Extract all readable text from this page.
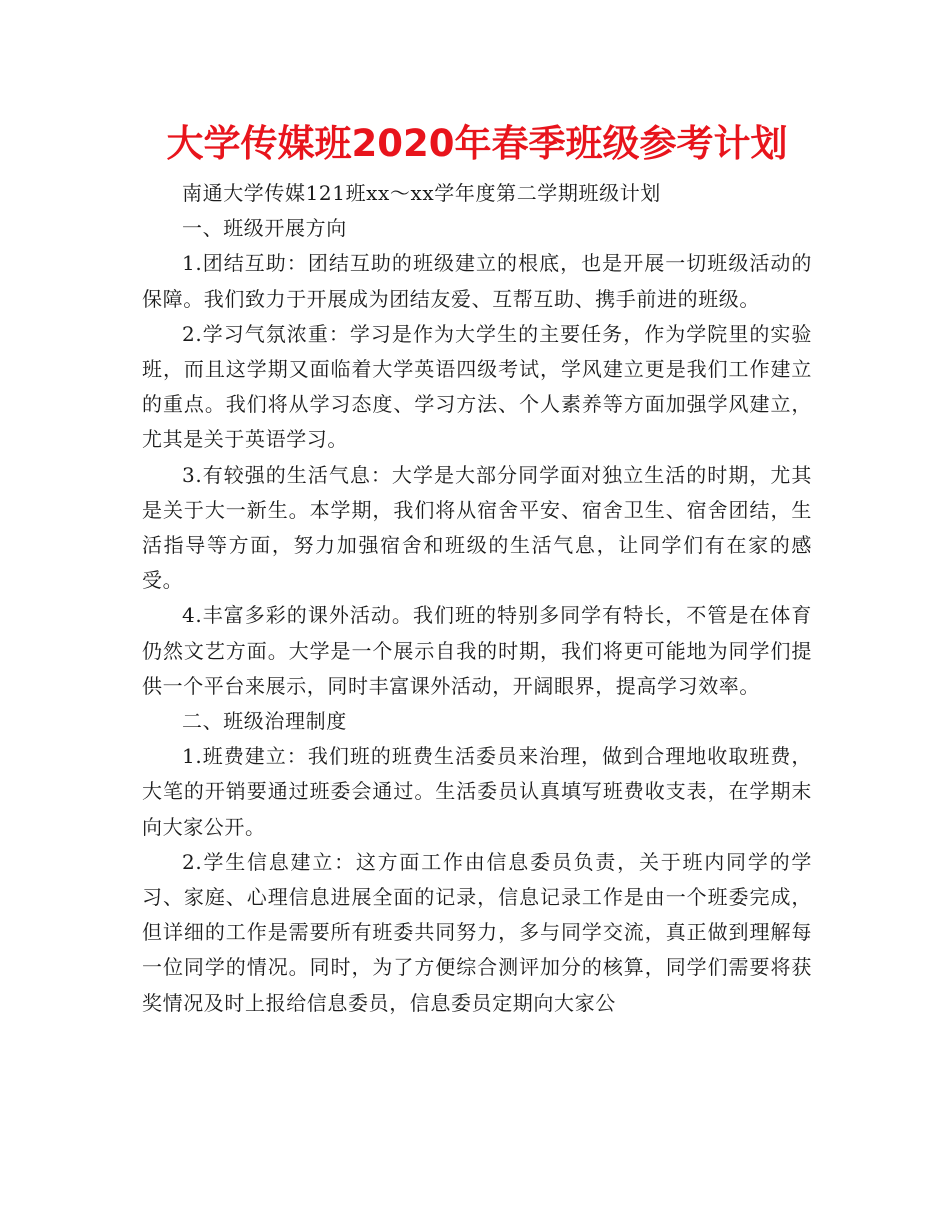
大学传媒班2020年春季班级参考计划

南通大学传媒121班xx～xx学年度第二学期班级计划

一、班级开展方向

1.团结互助：团结互助的班级建立的根底，也是开展一切班级活动的保障。我们致力于开展成为团结友爱、互帮互助、携手前进的班级。

2.学习气氛浓重：学习是作为大学生的主要任务，作为学院里的实验班，而且这学期又面临着大学英语四级考试，学风建立更是我们工作建立的重点。我们将从学习态度、学习方法、个人素养等方面加强学风建立，尤其是关于英语学习。

3.有较强的生活气息：大学是大部分同学面对独立生活的时期，尤其是关于大一新生。本学期，我们将从宿舍平安、宿舍卫生、宿舍团结，生活指导等方面，努力加强宿舍和班级的生活气息，让同学们有在家的感受。

4.丰富多彩的课外活动。我们班的特别多同学有特长，不管是在体育仍然文艺方面。大学是一个展示自我的时期，我们将更可能地为同学们提供一个平台来展示，同时丰富课外活动，开阔眼界，提高学习效率。

二、班级治理制度

1.班费建立：我们班的班费生活委员来治理，做到合理地收取班费，大笔的开销要通过班委会通过。生活委员认真填写班费收支表，在学期末向大家公开。

2.学生信息建立：这方面工作由信息委员负责，关于班内同学的学习、家庭、心理信息进展全面的记录，信息记录工作是由一个班委完成，但详细的工作是需要所有班委共同努力，多与同学交流，真正做到理解每一位同学的情况。同时，为了方便综合测评加分的核算，同学们需要将获奖情况及时上报给信息委员，信息委员定期向大家公
